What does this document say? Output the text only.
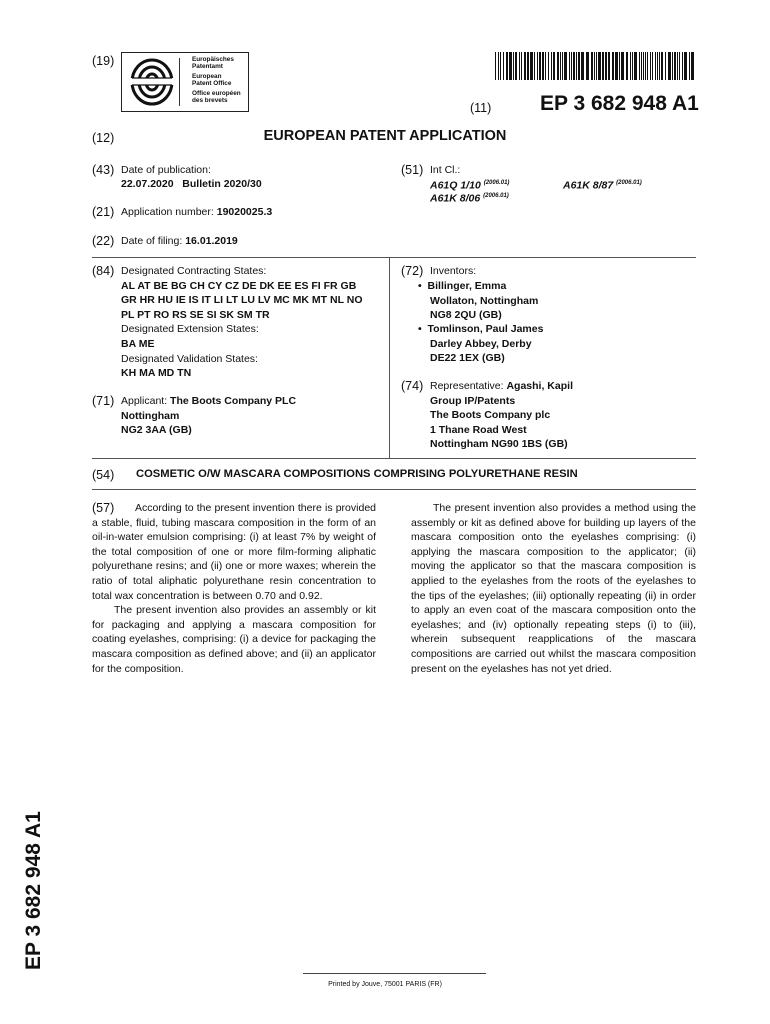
(19)	Europäisches
Patentamt
European
Patent Office
Office européen
des brevets
(11) EP 3 682 948 A1
(12)	EUROPEAN PATENT APPLICATION
(43) Date of publication:
22.07.2020   Bulletin 2020/30
(51) Int Cl.:
A61Q 1/10 $^{(2006.01)}$	A61K 8/87 $^{(2006.01)}$
A61K 8/06 $^{(2006.01)}$
(21) Application number: 19020025.3
(22) Date of filing: 16.01.2019
(84) Designated Contracting States:
AL AT BE BG CH CY CZ DE DK EE ES FI FR GB
GR HR HU IE IS IT LI LT LU LV MC MK MT NL NO
PL PT RO RS SE SI SK SM TR
Designated Extension States:
BA ME
Designated Validation States:
KH MA MD TN
(71) Applicant: The Boots Company PLC
Nottingham
NG2 3AA (GB)
(72) Inventors:
• Billinger, Emma
Wollaton, Nottingham
NG8 2QU (GB)
• Tomlinson, Paul James
Darley Abbey, Derby
DE22 1EX (GB)
(74) Representative: Agashi, Kapil
Group IP/Patents
The Boots Company plc
1 Thane Road West
Nottingham NG90 1BS (GB)
(54) COSMETIC O/W MASCARA COMPOSITIONS COMPRISING POLYURETHANE RESIN
(57)	According to the present invention there is provided a stable, fluid, tubing mascara composition in the form of an oil-in-water emulsion comprising: (i) at least 7% by weight of the total composition of one or more film-forming aliphatic polyurethane resins; and (ii) one or more waxes; wherein the ratio of total aliphatic polyurethane resin concentration to total wax concentration is between 0.70 and 0.92.

The present invention also provides an assembly or kit for packaging and applying a mascara composition for coating eyelashes, comprising: (i) a device for packaging the mascara composition as defined above; and (ii) an applicator for the composition.

The present invention also provides a method using the assembly or kit as defined above for building up layers of the mascara composition onto the eyelashes comprising: (i) applying the mascara composition to the applicator; (ii) moving the applicator so that the mascara composition is applied to the eyelashes from the roots of the eyelashes to the tips of the eyelashes; (iii) optionally repeating (ii) in order to apply an even coat of the mascara composition onto the eyelashes; and (iv) optionally repeating steps (i) to (iii), wherein subsequent reapplications of the mascara compositions are carried out whilst the mascara composition present on the eyelashes has not yet dried.

EP 3 682 948 A1
Printed by Jouve, 75001 PARIS (FR)
